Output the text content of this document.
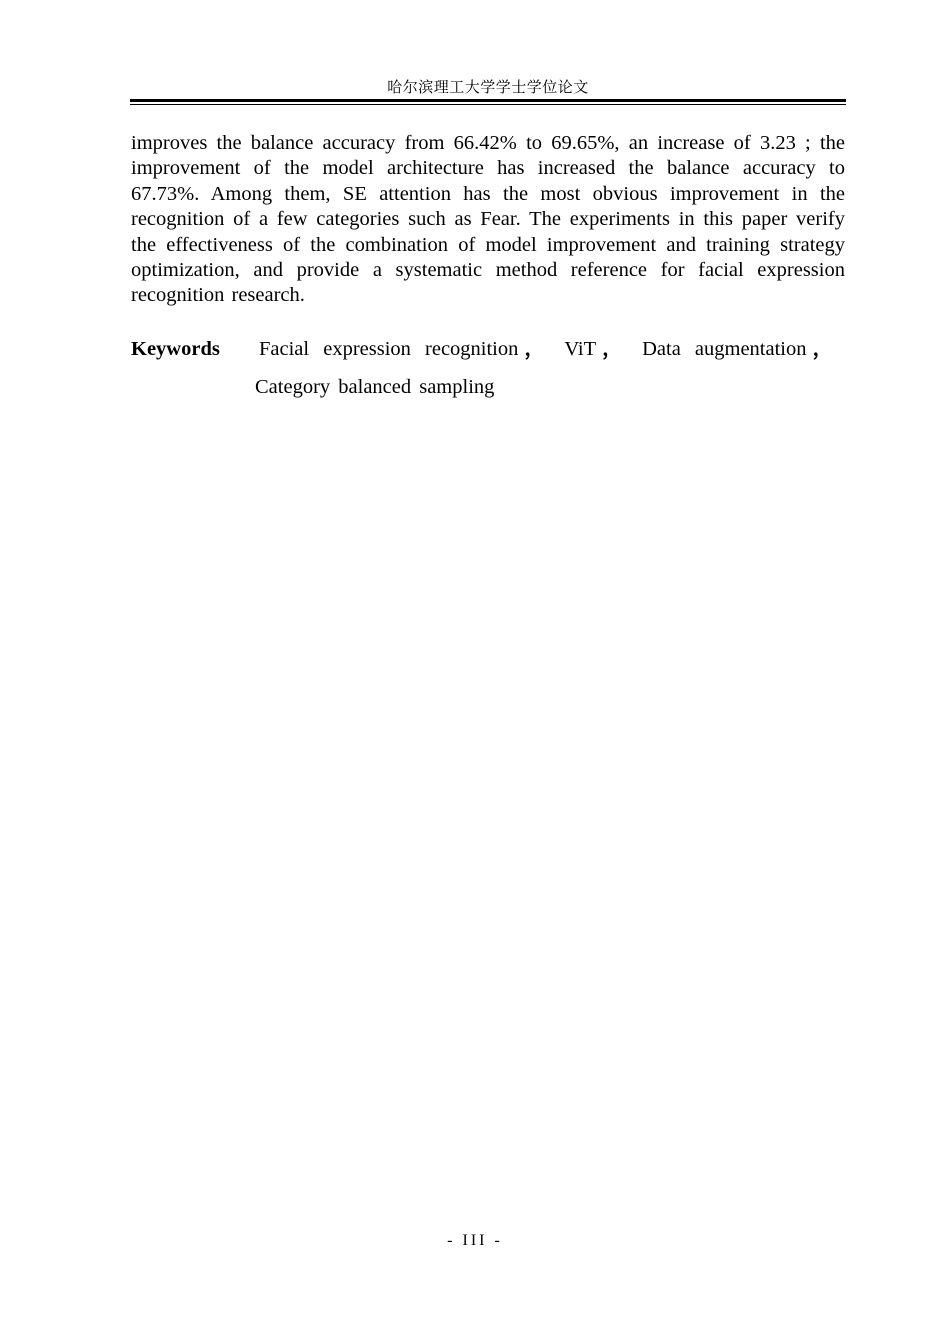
哈尔滨理工大学学士学位论文

improves the balance accuracy from 66.42% to 69.65%, an increase of 3.23 ; the improvement of the model architecture has increased the balance accuracy to 67.73%. Among them, SE attention has the most obvious improvement in the recognition of a few categories such as Fear. The experiments in this paper verify the effectiveness of the combination of model improvement and training strategy optimization, and provide a systematic method reference for facial expression recognition research.

Keywords Facial expression recognition ， ViT ， Data augmentation ，
Category balanced sampling
- III -
